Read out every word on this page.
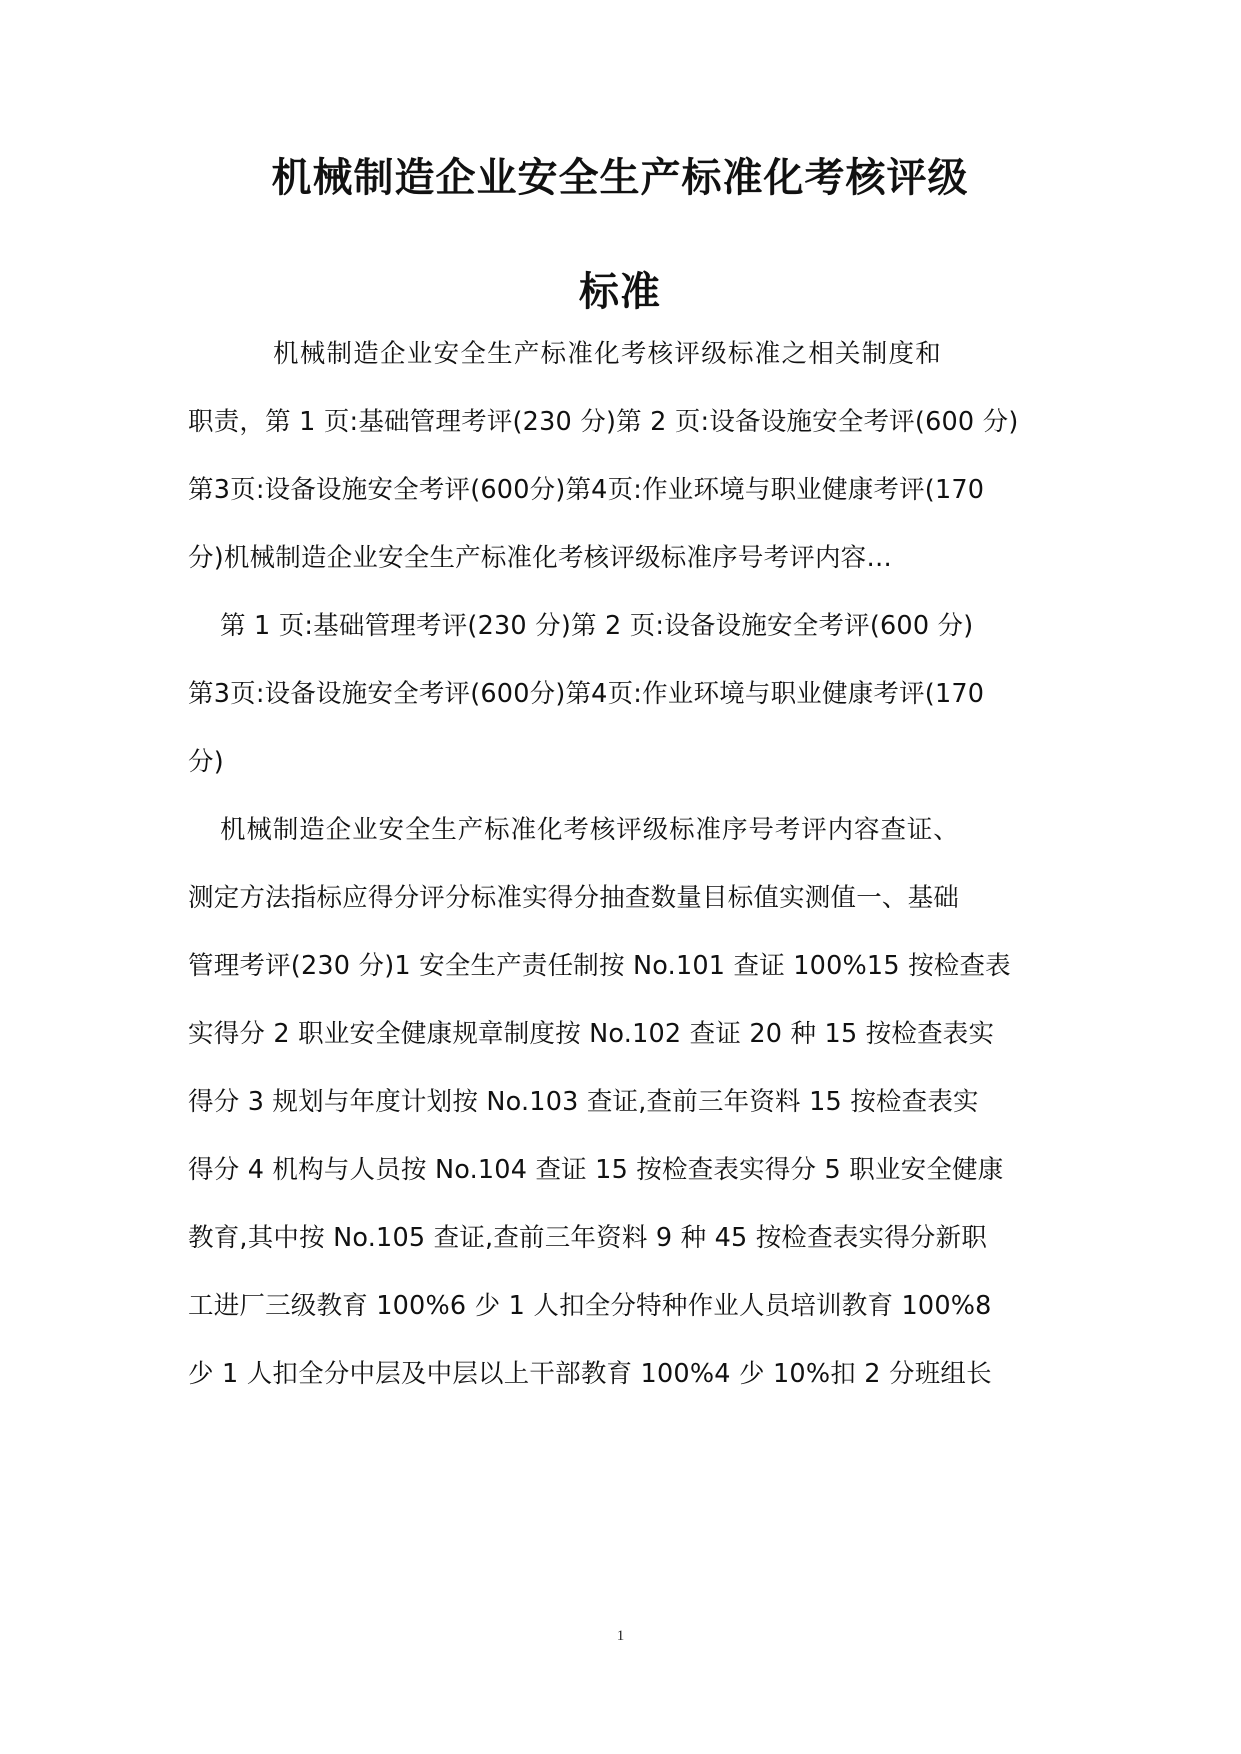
机械制造企业安全生产标准化考核评级
标准

机械制造企业安全生产标准化考核评级标准之相关制度和

职责，第 1 页:基础管理考评(230 分)第 2 页:设备设施安全考评(600 分)

第3页:设备设施安全考评(600分)第4页:作业环境与职业健康考评(170

分)机械制造企业安全生产标准化考核评级标准序号考评内容…

第 1 页:基础管理考评(230 分)第 2 页:设备设施安全考评(600 分)

第3页:设备设施安全考评(600分)第4页:作业环境与职业健康考评(170

分)

机械制造企业安全生产标准化考核评级标准序号考评内容查证、

测定方法指标应得分评分标准实得分抽查数量目标值实测值一、基础

管理考评(230 分)1 安全生产责任制按 No.101 查证 100%15 按检查表

实得分 2 职业安全健康规章制度按 No.102 查证 20 种 15 按检查表实

得分 3 规划与年度计划按 No.103 查证,查前三年资料 15 按检查表实

得分 4 机构与人员按 No.104 查证 15 按检查表实得分 5 职业安全健康

教育,其中按 No.105 查证,查前三年资料 9 种 45 按检查表实得分新职

工进厂三级教育 100%6 少 1 人扣全分特种作业人员培训教育 100%8

少 1 人扣全分中层及中层以上干部教育 100%4 少 10%扣 2 分班组长

1
